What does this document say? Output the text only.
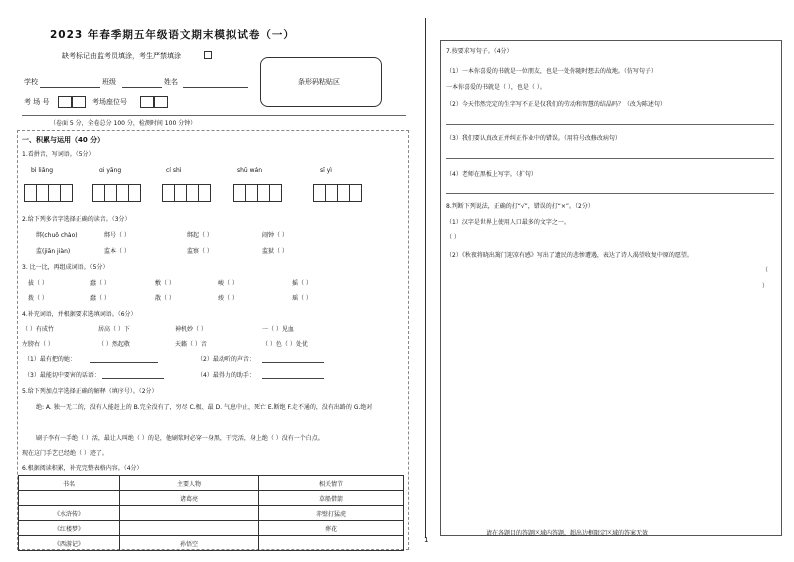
2023 年春季期五年级语文期末模拟试卷（一）
缺考标记由监考员填涂，考生严禁填涂
学校	班级	姓名
考 场 号	考场座位号
条形码粘贴区
（卷面 5 分，全卷总分 100 分，检测时间 100 分钟）
一、积累与运用（40 分）
1.看拼音，写词语。（5分）
bì liǎng	ɑi yāng	cí shì	shū wán	sī yì
2.给下列多音字选择正确的读音。（3分）
绑(chuō chào)	绑号（ ）	绑起（ ）	闹钟（ ）
监(jiān jiàn)	监本（ ）	监察（ ）	监狱（ ）
3. 比一比，再组成词语。（5分）
拔（ ）	蠢（ ）	敷（ ）	峻（ ）	摇（ ）
拨（ ）	蠢（ ）	散（ ）	竣（ ）	瑶（ ）
4.补充词语，并根据要求选填词语。（6分）
（ ）有成竹	居高（ ）下	神机妙（ ）	一（ ）见血
左膀右（ ）	（ ）然起敬	天籁（ ）音	（ ）色（ ）处优
（1）最有把的她：	（2）最动听的声音：
（3）最能切中要害的话语：	（4）最得力的助手：
5.给下列加点字选择正确的解释（填序号）。（2分）
绝: A. 独一无二的，没有人能赶上的 B.完全没有了，穷尽 C.极、最 D. 气息中止，死亡 E.断绝 F.走不通的，没有出路的 G.绝对
刷子李有一手绝（ ）活，最让人叫绝（ ）的是，他刷浆时必穿一身黑，干完活，身上绝（ ）没有一个白点。
现在这门手艺已经绝（ ）迹了。
6.根据阅读积累，补充完整表格内容。（4分）
书名	主要人物	相关情节
	诸葛亮	草船借箭
《水浒传》		赤壁打猛虎
《红楼梦》		葬花
《西游记》	孙悟空		1
7.按要求写句子。（4分）
（1）一本你喜爱的书就是一位朋友，也是一处你随时想去的故地。（仿写句子）
一本你喜爱的书就是（ ），也是（ ）。
（2）今天伟然完定的生字写不正是仅我们的劳动和智慧的结晶吗？（改为陈述句）
（3）我们要认真改正并纠正作业中的错误。（用符号改修改病句）
（4）老师在黑板上写字。（扩句）
8.判断下列说法，正确的打“√”，错误的打“×”。（2分）
（1）汉字是世界上使用人口最多的文字之一。
（ ）
（2）《秋夜将晓出篱门迎凉有感》写出了遗民的悲惨遭遇，表达了诗人渴望收复中原的愿望。
（
）
请在各题目的答题区域内答题，超出边框限定区域的答案无效
